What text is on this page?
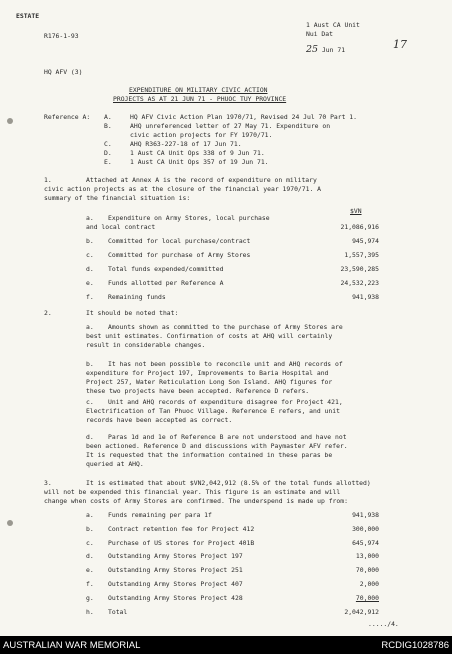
ESTATE
R176-1-93
1 Aust CA Unit
Nui Dat
25 Jun 71	17
HQ AFV (3)
EXPENDITURE ON MILITARY CIVIC ACTION
PROJECTS AS AT 21 JUN 71 - PHUOC TUY PROVINCE
Reference A: A.	HQ AFV Civic Action Plan 1970/71, Revised 24 Jul 70 Part 1.
B.	AHQ unreferenced letter of 27 May 71. Expenditure on
civic action projects for FY 1970/71.
C.	AHQ R363-227-18 of 17 Jun 71.
D.	1 Aust CA Unit Ops 338 of 9 Jun 71.
E.	1 Aust CA Unit Ops 357 of 19 Jun 71.
1.	Attached at Annex A is the record of expenditure on military
civic action projects as at the closure of the financial year 1970/71. A
summary of the financial situation is:
$VN
a. Expenditure on Army Stores, local purchase
and local contract	21,086,916
b. Committed for local purchase/contract	945,974
c. Committed for purchase of Army Stores	1,557,395
d. Total funds expended/committed	23,590,285
e. Funds allotted per Reference A	24,532,223
f. Remaining funds	941,938
2.	It should be noted that:
a. Amounts shown as committed to the purchase of Army Stores are
best unit estimates. Confirmation of costs at AHQ will certainly
result in considerable changes.
b. It has not been possible to reconcile unit and AHQ records of
expenditure for Project 197, Improvements to Baria Hospital and
Project 257, Water Reticulation Long Son Island. AHQ figures for
these two projects have been accepted. Reference D refers.
c. Unit and AHQ records of expenditure disagree for Project 421,
Electrification of Tan Phuoc Village. Reference E refers, and unit
records have been accepted as correct.
d. Paras 1d and 1e of Reference B are not understood and have not
been actioned. Reference D and discussions with Paymaster AFV refer.
It is requested that the information contained in these paras be
queried at AHQ.
3.	It is estimated that about $VN2,042,912 (8.5% of the total funds allotted)
will not be expended this financial year. This figure is an estimate and will
change when costs of Army Stores are confirmed. The underspend is made up from:
a. Funds remaining per para 1f	941,938
b. Contract retention fee for Project 412	300,000
c. Purchase of US stores for Project 401B	645,974
d. Outstanding Army Stores Project 197	13,000
e. Outstanding Army Stores Project 251	70,000
f. Outstanding Army Stores Project 407	2,000
g. Outstanding Army Stores Project 428	70,000
h. Total	2,042,912
...../4.
AUSTRALIAN WAR MEMORIAL	RCDIG1028786
